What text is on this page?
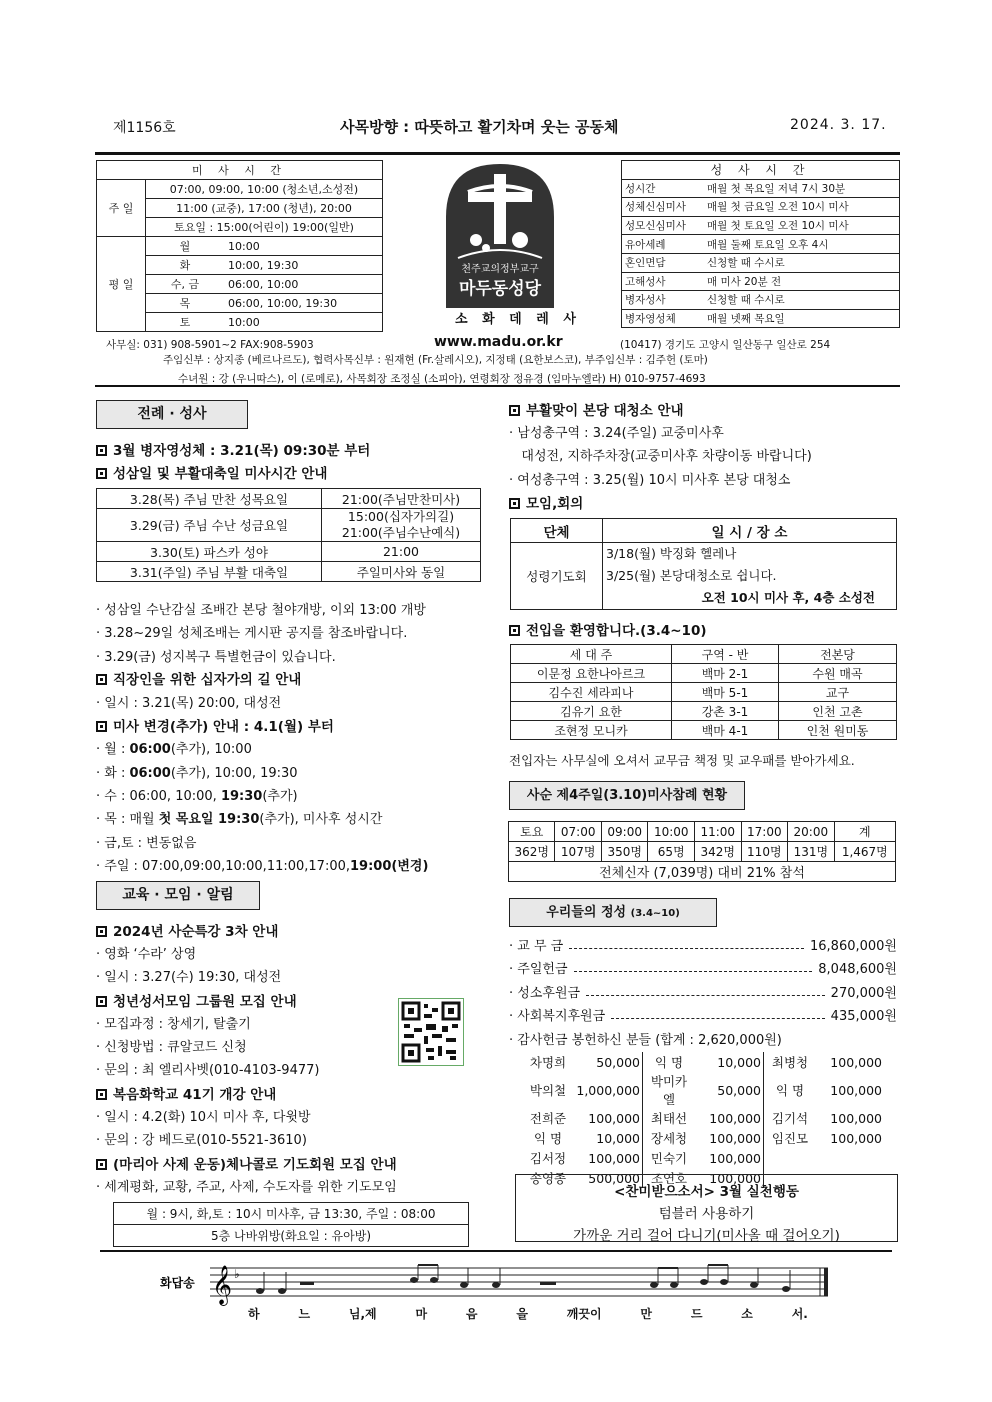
제1156호	사목방향 : 따뜻하고 활기차며 웃는 공동체	2024. 3. 17.
미 사 시 간		
주 일	07:00, 09:00, 10:00 (청소년,소성전)	
	11:00 (교중), 17:00 (청년), 20:00	
	토요일 : 15:00(어린이) 19:00(일반)	
평 일	월	10:00
	화	10:00, 19:30
	수, 금	06:00, 10:00
	목	06:00, 10:00, 19:30
	토	10:00
천주교의정부교구
마두동성당
소 화 데 레 사
성 사 시 간	
성시간	매월 첫 목요일 저녁 7시 30분
성체신심미사	매월 첫 금요일 오전 10시 미사
성모신심미사	매월 첫 토요일 오전 10시 미사
유아세례	매월 둘째 토요일 오후 4시
혼인면담	신청할 때 수시로
고해성사	매 미사 20분 전
병자성사	신청할 때 수시로
병자영성체	매월 넷째 목요일
사무실: 031) 908-5901~2 FAX:908-5903	www.madu.or.kr	(10417) 경기도 고양시 일산동구 일산로 254
주임신부 : 상지종 (베르나르도), 협력사목신부 : 원재현 (Fr.살레시오), 지정태 (요한보스코), 부주임신부 : 김주헌 (토마)
수녀원 : 강 (우니따스), 이 (로메로), 사목회장 조정실 (소피아), 연령회장 정유경 (임마누엘라) H) 010-9757-4693
전례 · 성사
3월 병자영성체 : 3.21(목) 09:30분 부터
성삼일 및 부활대축일 미사시간 안내
3.28(목) 주님 만찬 성목요일	21:00(주님만찬미사)
3.29(금) 주님 수난 성금요일	15:00(십자가의길)
21:00(주님수난예식)

3.30(토) 파스카 성야	21:00
3.31(주일) 주님 부활 대축일	주일미사와 동일
· 성삼일 수난감실 조배간 본당 철야개방, 이외 13:00 개방
· 3.28~29일 성체조배는 게시판 공지를 참조바랍니다.
· 3.29(금) 성지복구 특별헌금이 있습니다.
직장인을 위한 십자가의 길 안내
· 일시 : 3.21(목) 20:00, 대성전
미사 변경(추가) 안내 : 4.1(월) 부터
· 월 : 06:00(추가), 10:00
· 화 : 06:00(추가), 10:00, 19:30
· 수 : 06:00, 10:00, 19:30(추가)
· 목 : 매월 첫 목요일 19:30(추가), 미사후 성시간
· 금,토 : 변동없음
· 주일 : 07:00,09:00,10:00,11:00,17:00,19:00(변경)
교육 · 모임 · 알림
2024년 사순특강 3차 안내
· 영화 ‘수라’ 상영
· 일시 : 3.27(수) 19:30, 대성전
청년성서모임 그룹원 모집 안내
· 모집과정 : 창세기, 탈출기
· 신청방법 : 큐알코드 신청
· 문의 : 최 엘리사벳(010-4103-9477)
복음화학교 41기 개강 안내
· 일시 : 4.2(화) 10시 미사 후, 다윗방
· 문의 : 강 베드로(010-5521-3610)
(마리아 사제 운동)체나콜로 기도회원 모집 안내
· 세계평화, 교황, 주교, 사제, 수도자를 위한 기도모임
월 : 9시, 화,토 : 10시 미사후, 금 13:30, 주일 : 08:00
5층 나바위방(화요일 : 유아방)
부활맞이 본당 대청소 안내
· 남성총구역 : 3.24(주일) 교중미사후
대성전, 지하주차장(교중미사후 차량이동 바랍니다)
· 여성총구역 : 3.25(월) 10시 미사후 본당 대청소
모임,회의
단체	일 시 / 장 소
성령기도회	3/18(월) 박징화 헬레나
3/25(월) 본당대청소로 쉽니다.
오전 10시 미사 후, 4층 소성전
전입을 환영합니다.(3.4~10)
세 대 주	구역 - 반	전본당
이문정 요한나아르크	백마 2-1	수원 매곡
김수진 세라피나	백마 5-1	교구
김유기 요한	강촌 3-1	인천 고촌
조현정 모니카	백마 4-1	인천 원미동
전입자는 사무실에 오셔서 교무금 책정 및 교우패를 받아가세요.
사순 제4주일(3.10)미사참례 현황
토요	07:00	09:00	10:00	11:00	17:00	20:00	계
362명	107명	350명	65명	342명	110명	131명	1,467명
전체신자 (7,039명) 대비 21% 참석							
우리들의 정성 (3.4~10)
· 교 무 금	16,860,000원
· 주일헌금	8,048,600원
· 성소후원금	270,000원
· 사회복지후원금	435,000원
· 감사헌금 봉헌하신 분들 (합계 : 2,620,000원)
차명희	50,000	익 명	10,000	최병청	100,000
박의철	1,000,000	박미카엘	50,000	익 명	100,000
전희준	100,000	최태선	100,000	김기석	100,000
익 명	10,000	장세청	100,000	임진모	100,000
김서정	100,000	민숙기	100,000		
송영종	500,000	조연호	100,000		
<찬미받으소서> 3월 실천행동
텀블러 사용하기
가까운 거리 걸어 다니기(미사올 때 걸어오기)
화답송 𝄞 ♭
하	느	님,제	마	음	을	깨끗이	만	드	소	서.
